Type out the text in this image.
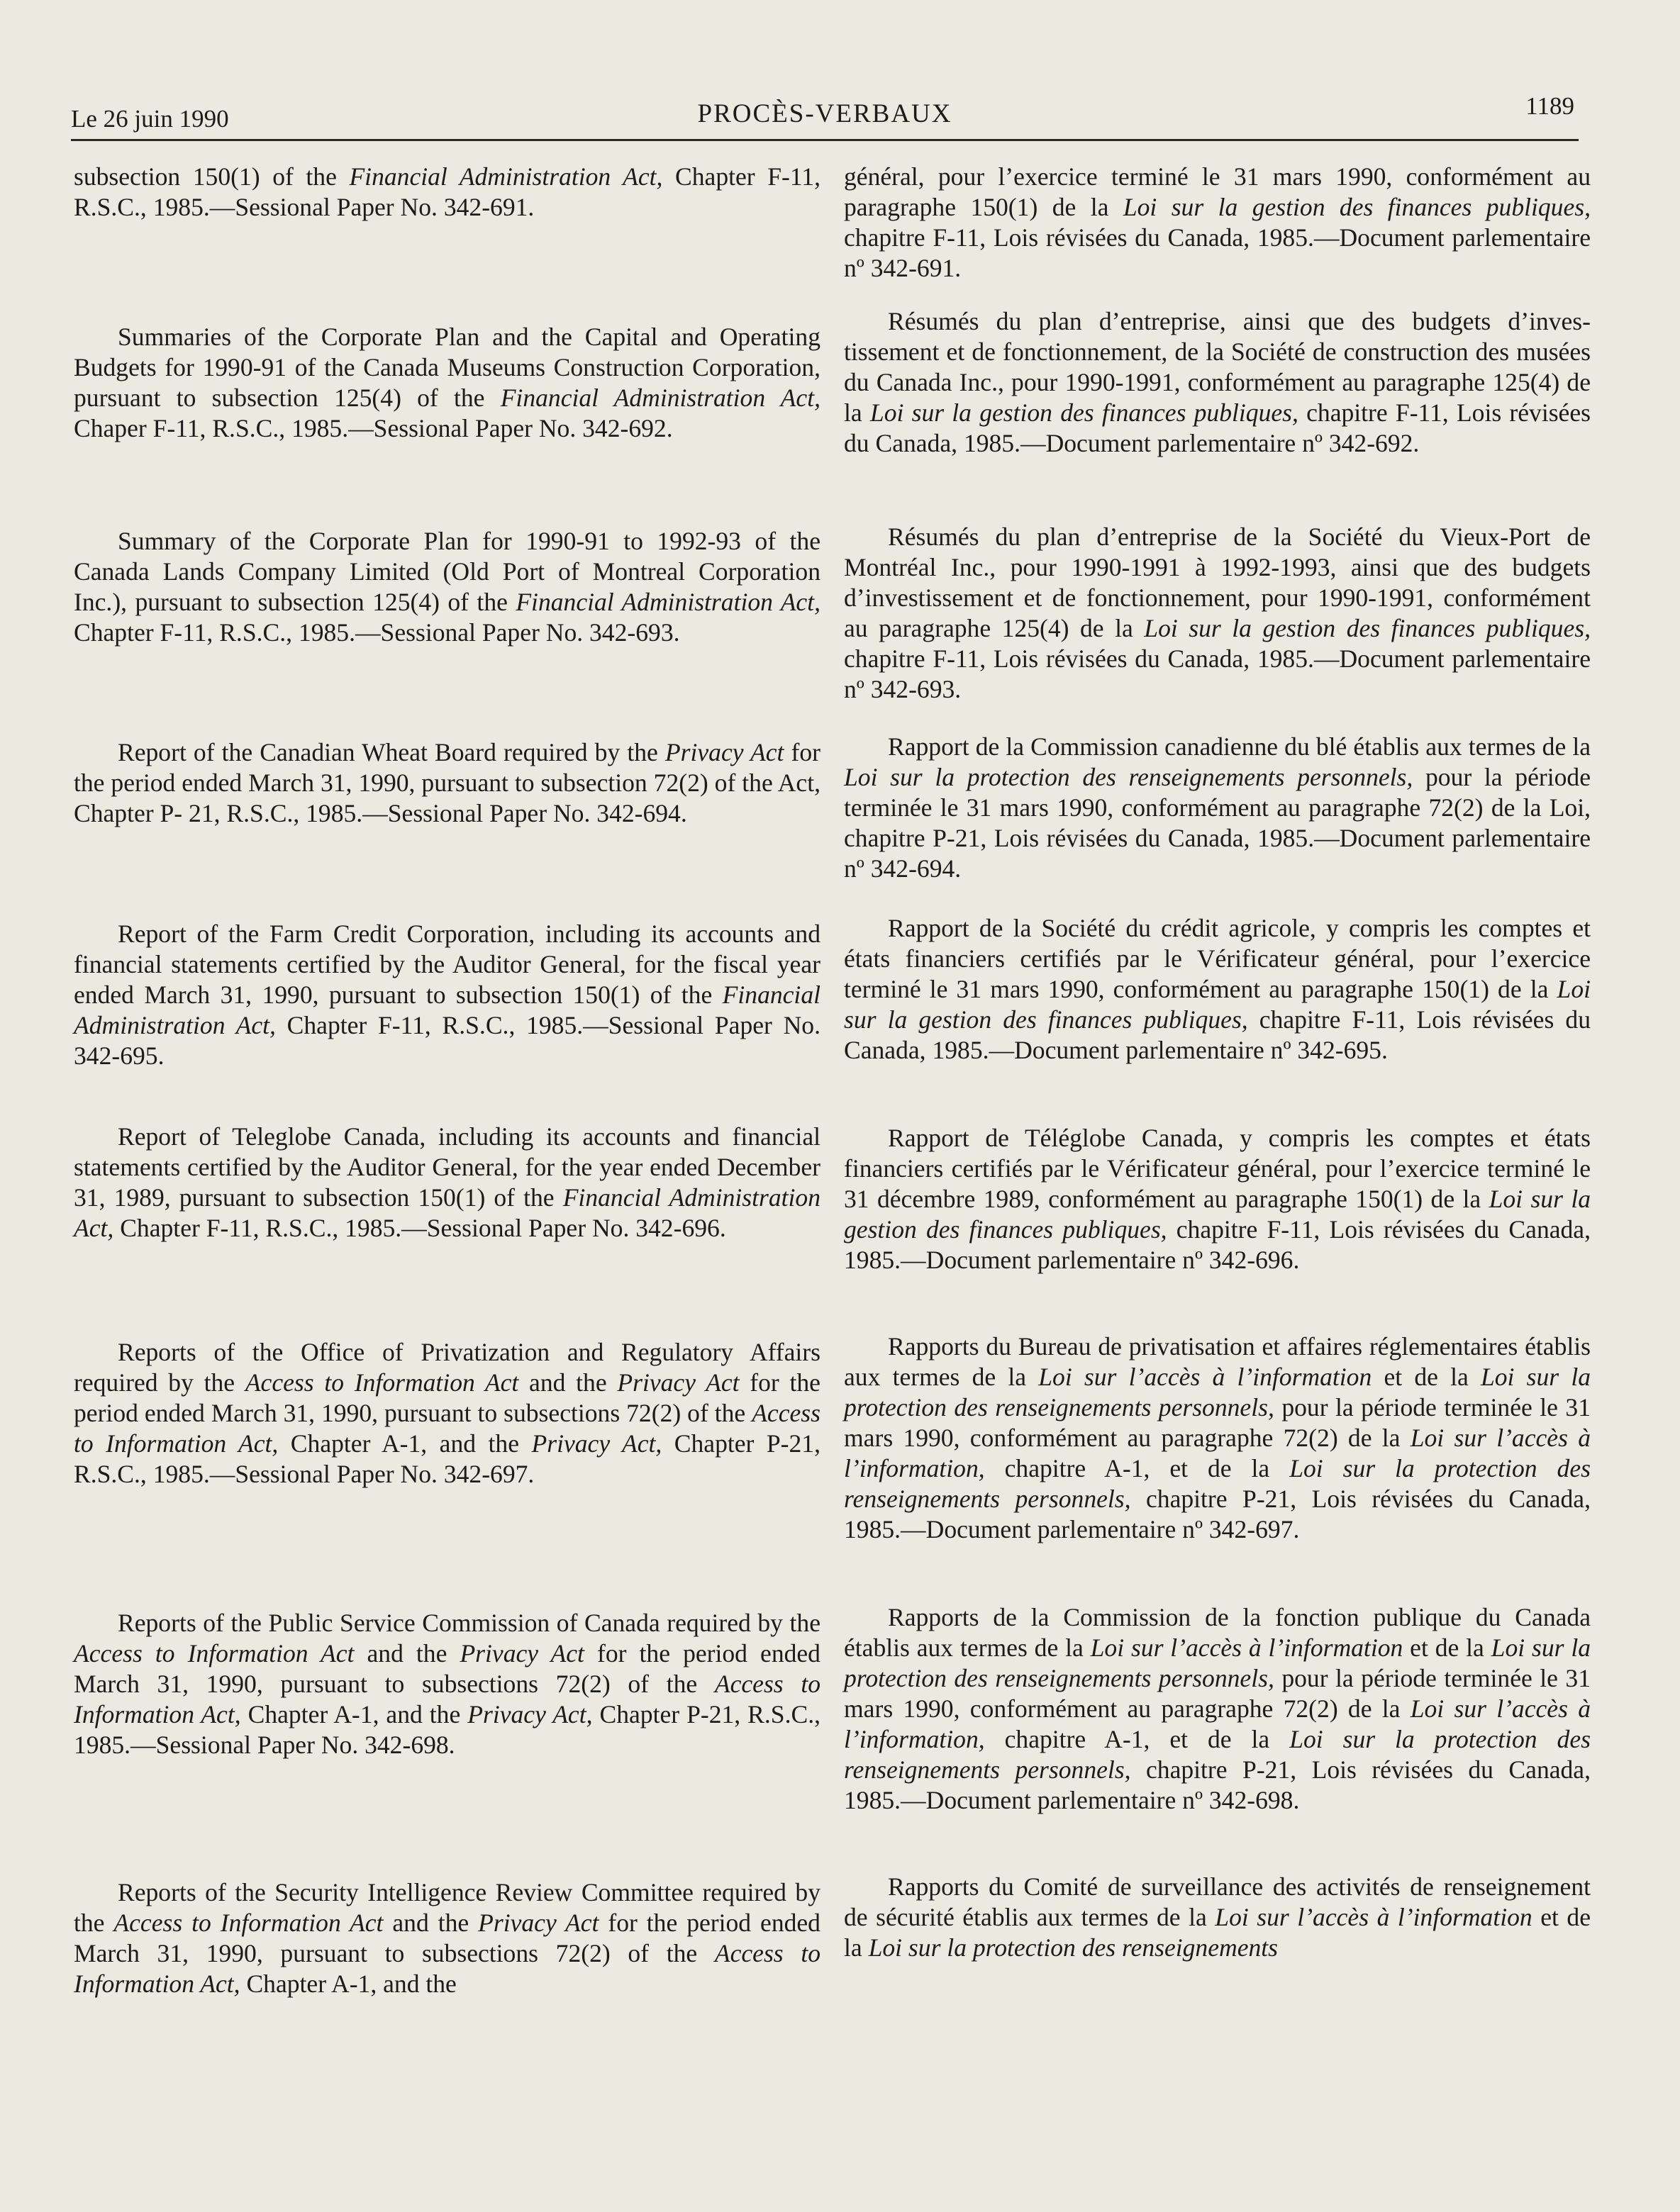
Le 26 juin 1990	PROCÈS-VERBAUX	1189

subsection 150(1) of the Financial Administration Act, Chapter F-11, R.S.C., 1985.—Sessional Paper No. 342-691.

Summaries of the Corporate Plan and the Capital and Operating Budgets for 1990-91 of the Canada Museums Construction Corporation, pursuant to subsection 125(4) of the Financial Administration Act, Chaper F-11, R.S.C., 1985.—Sessional Paper No. 342-692.

Summary of the Corporate Plan for 1990-91 to 1992-93 of the Canada Lands Company Limited (Old Port of Montreal Corporation Inc.), pursuant to subsection 125(4) of the Financial Administration Act, Chapter F-11, R.S.C., 1985.—Sessional Paper No. 342-693.

Report of the Canadian Wheat Board required by the Privacy Act for the period ended March 31, 1990, pursuant to subsection 72(2) of the Act, Chapter P- 21, R.S.C., 1985.—Sessional Paper No. 342-694.

Report of the Farm Credit Corporation, including its accounts and financial statements certified by the Auditor General, for the fiscal year ended March 31, 1990, pursuant to subsection 150(1) of the Financial Administration Act, Chapter F-11, R.S.C., 1985.—Sessional Paper No. 342-695.

Report of Teleglobe Canada, including its accounts and financial statements certified by the Auditor General, for the year ended December 31, 1989, pursuant to subsection 150(1) of the Financial Administration Act, Chapter F-11, R.S.C., 1985.—Sessional Paper No. 342-696.

Reports of the Office of Privatization and Regulatory Affairs required by the Access to Information Act and the Privacy Act for the period ended March 31, 1990, pursuant to subsections 72(2) of the Access to Information Act, Chapter A-1, and the Privacy Act, Chapter P-21, R.S.C., 1985.—Sessional Paper No. 342-697.

Reports of the Public Service Commission of Canada required by the Access to Information Act and the Privacy Act for the period ended March 31, 1990, pursuant to subsections 72(2) of the Access to Information Act, Chapter A-1, and the Privacy Act, Chapter P-21, R.S.C., 1985.—Sessional Paper No. 342-698.

Reports of the Security Intelligence Review Committee required by the Access to Information Act and the Privacy Act for the period ended March 31, 1990, pursuant to subsections 72(2) of the Access to Information Act, Chapter A-1, and the

général, pour l’exercice terminé le 31 mars 1990, conformément au paragraphe 150(1) de la Loi sur la gestion des finances publiques, chapitre F-11, Lois révisées du Canada, 1985.—Document parlementaire nº 342-691.

Résumés du plan d’entreprise, ainsi que des budgets d’investissement et de fonctionnement, de la Société de construction des musées du Canada Inc., pour 1990-1991, conformément au paragraphe 125(4) de la Loi sur la gestion des finances publiques, chapitre F-11, Lois révisées du Canada, 1985.—Document parlementaire nº 342-692.

Résumés du plan d’entreprise de la Société du Vieux-Port de Montréal Inc., pour 1990-1991 à 1992-1993, ainsi que des budgets d’investissement et de fonctionnement, pour 1990-1991, conformément au paragraphe 125(4) de la Loi sur la gestion des finances publiques, chapitre F-11, Lois révisées du Canada, 1985.—Document parlementaire nº 342-693.

Rapport de la Commission canadienne du blé établis aux termes de la Loi sur la protection des renseignements personnels, pour la période terminée le 31 mars 1990, conformément au paragraphe 72(2) de la Loi, chapitre P-21, Lois révisées du Canada, 1985.—Document parlementaire nº 342-694.

Rapport de la Société du crédit agricole, y compris les comptes et états financiers certifiés par le Vérificateur général, pour l’exercice terminé le 31 mars 1990, conformément au paragraphe 150(1) de la Loi sur la gestion des finances publiques, chapitre F-11, Lois révisées du Canada, 1985.—Document parlementaire nº 342-695.

Rapport de Téléglobe Canada, y compris les comptes et états financiers certifiés par le Vérificateur général, pour l’exercice terminé le 31 décembre 1989, conformément au paragraphe 150(1) de la Loi sur la gestion des finances publiques, chapitre F-11, Lois révisées du Canada, 1985.—Document parlementaire nº 342-696.

Rapports du Bureau de privatisation et affaires réglementaires établis aux termes de la Loi sur l’accès à l’information et de la Loi sur la protection des renseignements personnels, pour la période terminée le 31 mars 1990, conformément au paragraphe 72(2) de la Loi sur l’accès à l’information, chapitre A-1, et de la Loi sur la protection des renseignements personnels, chapitre P-21, Lois révisées du Canada, 1985.—Document parlementaire nº 342-697.

Rapports de la Commission de la fonction publique du Canada établis aux termes de la Loi sur l’accès à l’information et de la Loi sur la protection des renseignements personnels, pour la période terminée le 31 mars 1990, conformément au paragraphe 72(2) de la Loi sur l’accès à l’information, chapitre A-1, et de la Loi sur la protection des renseignements personnels, chapitre P-21, Lois révisées du Canada, 1985.—Document parlementaire nº 342-698.

Rapports du Comité de surveillance des activités de renseignement de sécurité établis aux termes de la Loi sur l’accès à l’information et de la Loi sur la protection des renseignements
